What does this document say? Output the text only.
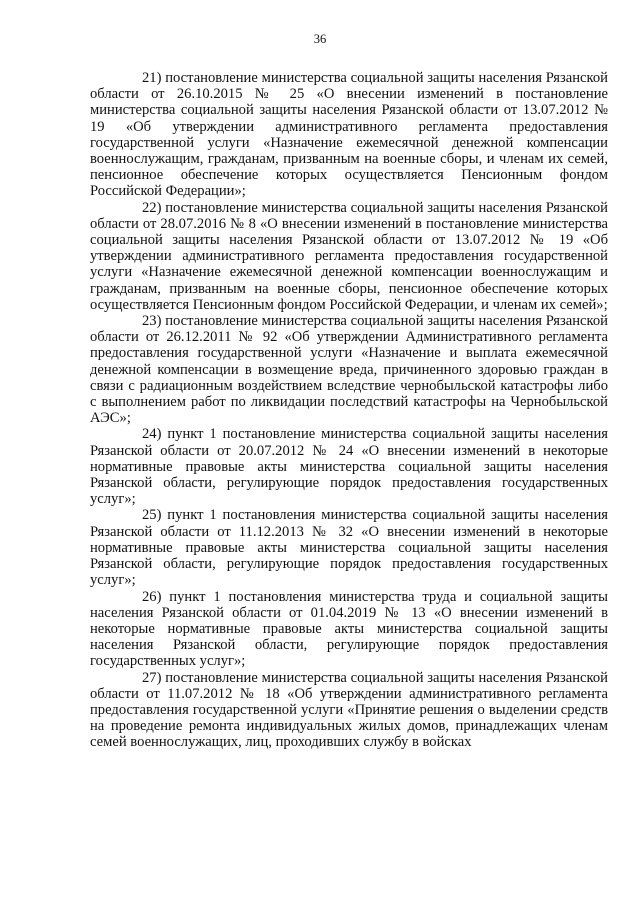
36

21) постановление министерства социальной защиты населения Рязанской области от 26.10.2015 № 25 «О внесении изменений в постановление министерства социальной защиты населения Рязанской области от 13.07.2012 № 19 «Об утверждении административного регламента предоставления государственной услуги «Назначение ежемесячной денежной компенсации военнослужащим, гражданам, призванным на военные сборы, и членам их семей, пенсионное обеспечение которых осуществляется Пенсионным фондом Российской Федерации»;

22) постановление министерства социальной защиты населения Рязанской области от 28.07.2016 № 8 «О внесении изменений в постановление министерства социальной защиты населения Рязанской области от 13.07.2012 № 19 «Об утверждении административного регламента предоставления государственной услуги «Назначение ежемесячной денежной компенсации военнослужащим и гражданам, призванным на военные сборы, пенсионное обеспечение которых осуществляется Пенсионным фондом Российской Федерации, и членам их семей»;

23) постановление министерства социальной защиты населения Рязанской области от 26.12.2011 № 92 «Об утверждении Административного регламента предоставления государственной услуги «Назначение и выплата ежемесячной денежной компенсации в возмещение вреда, причиненного здоровью граждан в связи с радиационным воздействием вследствие чернобыльской катастрофы либо с выполнением работ по ликвидации последствий катастрофы на Чернобыльской АЭС»;

24) пункт 1 постановление министерства социальной защиты населения Рязанской области от 20.07.2012 № 24 «О внесении изменений в некоторые нормативные правовые акты министерства социальной защиты населения Рязанской области, регулирующие порядок предоставления государственных услуг»;

25) пункт 1 постановления министерства социальной защиты населения Рязанской области от 11.12.2013 № 32 «О внесении изменений в некоторые нормативные правовые акты министерства социальной защиты населения Рязанской области, регулирующие порядок предоставления государственных услуг»;

26) пункт 1 постановления министерства труда и социальной защиты населения Рязанской области от 01.04.2019 № 13 «О внесении изменений в некоторые нормативные правовые акты министерства социальной защиты населения Рязанской области, регулирующие порядок предоставления государственных услуг»;

27) постановление министерства социальной защиты населения Рязанской области от 11.07.2012 № 18 «Об утверждении административного регламента предоставления государственной услуги «Принятие решения о выделении средств на проведение ремонта индивидуальных жилых домов, принадлежащих членам семей военнослужащих, лиц, проходивших службу в войсках
